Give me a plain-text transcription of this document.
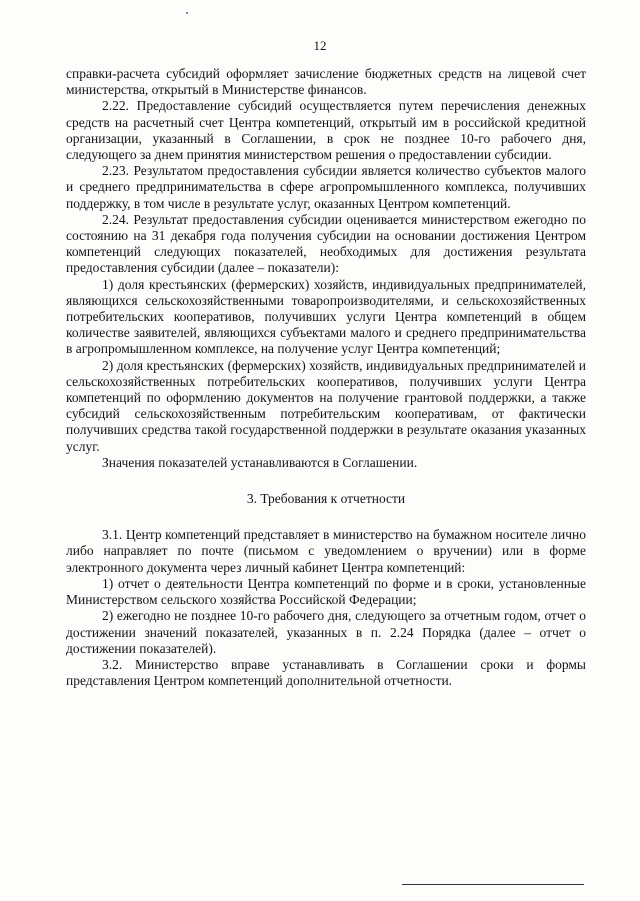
12

справки-расчета субсидий оформляет зачисление бюджетных средств на лицевой счет министерства, открытый в Министерстве финансов.

2.22. Предоставление субсидий осуществляется путем перечисления денежных средств на расчетный счет Центра компетенций, открытый им в российской кредитной организации, указанный в Соглашении, в срок не позднее 10-го рабочего дня, следующего за днем принятия министерством решения о предоставлении субсидии.

2.23. Результатом предоставления субсидии является количество субъектов малого и среднего предпринимательства в сфере агропромышленного комплекса, получивших поддержку, в том числе в результате услуг, оказанных Центром компетенций.

2.24. Результат предоставления субсидии оценивается министерством ежегодно по состоянию на 31 декабря года получения субсидии на основании достижения Центром компетенций следующих показателей, необходимых для достижения результата предоставления субсидии (далее – показатели):

1) доля крестьянских (фермерских) хозяйств, индивидуальных предпринимателей, являющихся сельскохозяйственными товаропроизводителями, и сельскохозяйственных потребительских кооперативов, получивших услуги Центра компетенций в общем количестве заявителей, являющихся субъектами малого и среднего предпринимательства в агропромышленном комплексе, на получение услуг Центра компетенций;

2) доля крестьянских (фермерских) хозяйств, индивидуальных предпринимателей и сельскохозяйственных потребительских кооперативов, получивших услуги Центра компетенций по оформлению документов на получение грантовой поддержки, а также субсидий сельскохозяйственным потребительским кооперативам, от фактически получивших средства такой государственной поддержки в результате оказания указанных услуг.

Значения показателей устанавливаются в Соглашении.

3. Требования к отчетности

3.1. Центр компетенций представляет в министерство на бумажном носителе лично либо направляет по почте (письмом с уведомлением о вручении) или в форме электронного документа через личный кабинет Центра компетенций:

1) отчет о деятельности Центра компетенций по форме и в сроки, установленные Министерством сельского хозяйства Российской Федерации;

2) ежегодно не позднее 10-го рабочего дня, следующего за отчетным годом, отчет о достижении значений показателей, указанных в п. 2.24 Порядка (далее – отчет о достижении показателей).

3.2. Министерство вправе устанавливать в Соглашении сроки и формы представления Центром компетенций дополнительной отчетности.
